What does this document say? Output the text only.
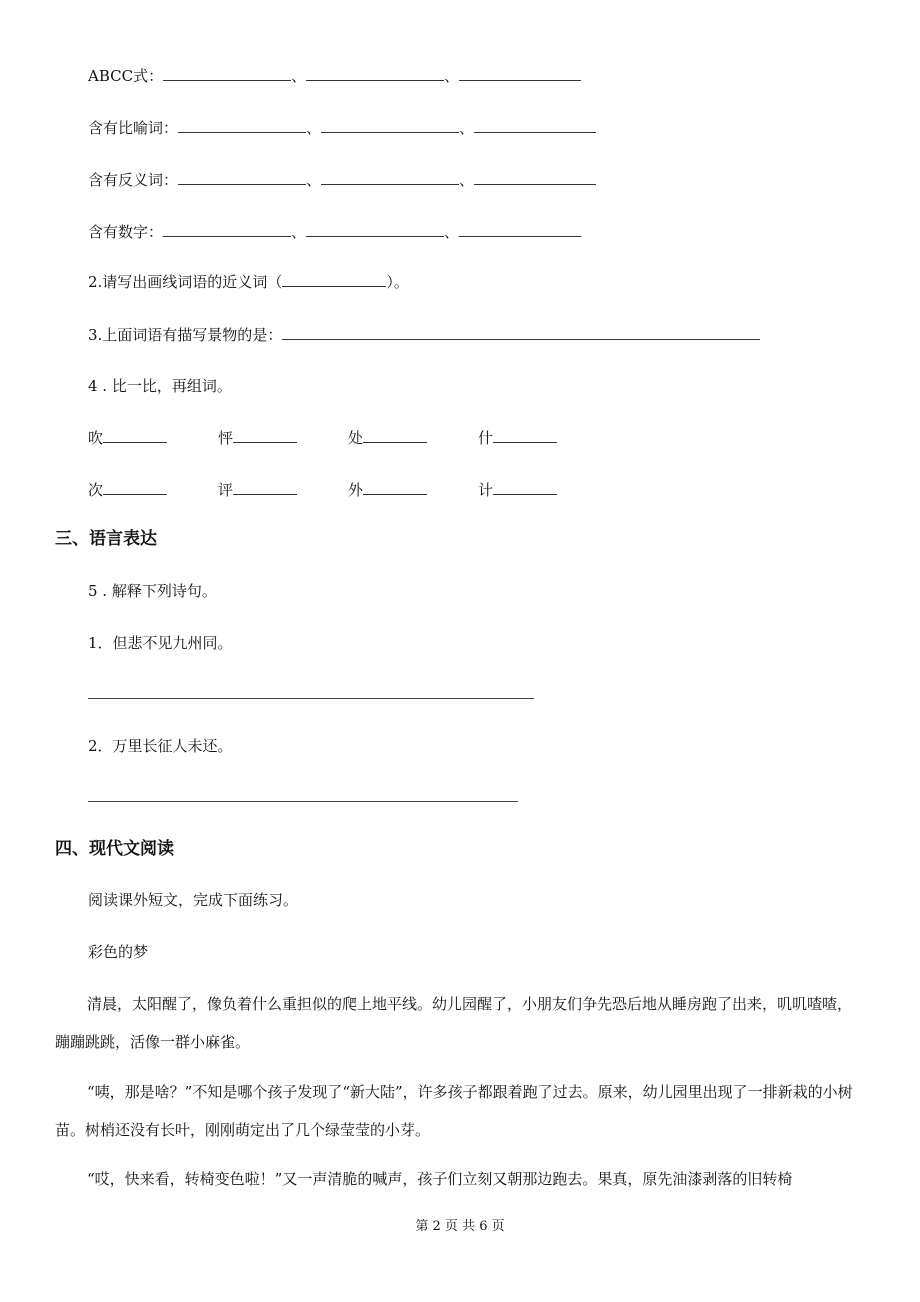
ABCC式：	、	、
含有比喻词：	、	、
含有反义词：	、	、
含有数字：	、	、
2.请写出画线词语的近义词（	）。
3.上面词语有描写景物的是：
4 . 比一比，再组词。
吹	怦	处	什
次	评	外	计
三、语言表达
5 . 解释下列诗句。
1．但悲不见九州同。
2．万里长征人未还。
四、现代文阅读
阅读课外短文，完成下面练习。
彩色的梦
清晨，太阳醒了，像负着什么重担似的爬上地平线。幼儿园醒了，小朋友们争先恐后地从睡房跑了出来，叽叽喳喳，蹦蹦跳跳，活像一群小麻雀。
“咦，那是啥？”不知是哪个孩子发现了“新大陆”，许多孩子都跟着跑了过去。原来，幼儿园里出现了一排新栽的小树苗。树梢还没有长叶，刚刚萌定出了几个绿莹莹的小芽。
“哎，快来看，转椅变色啦！”又一声清脆的喊声，孩子们立刻又朝那边跑去。果真，原先油漆剥落的旧转椅
第 2 页 共 6 页
